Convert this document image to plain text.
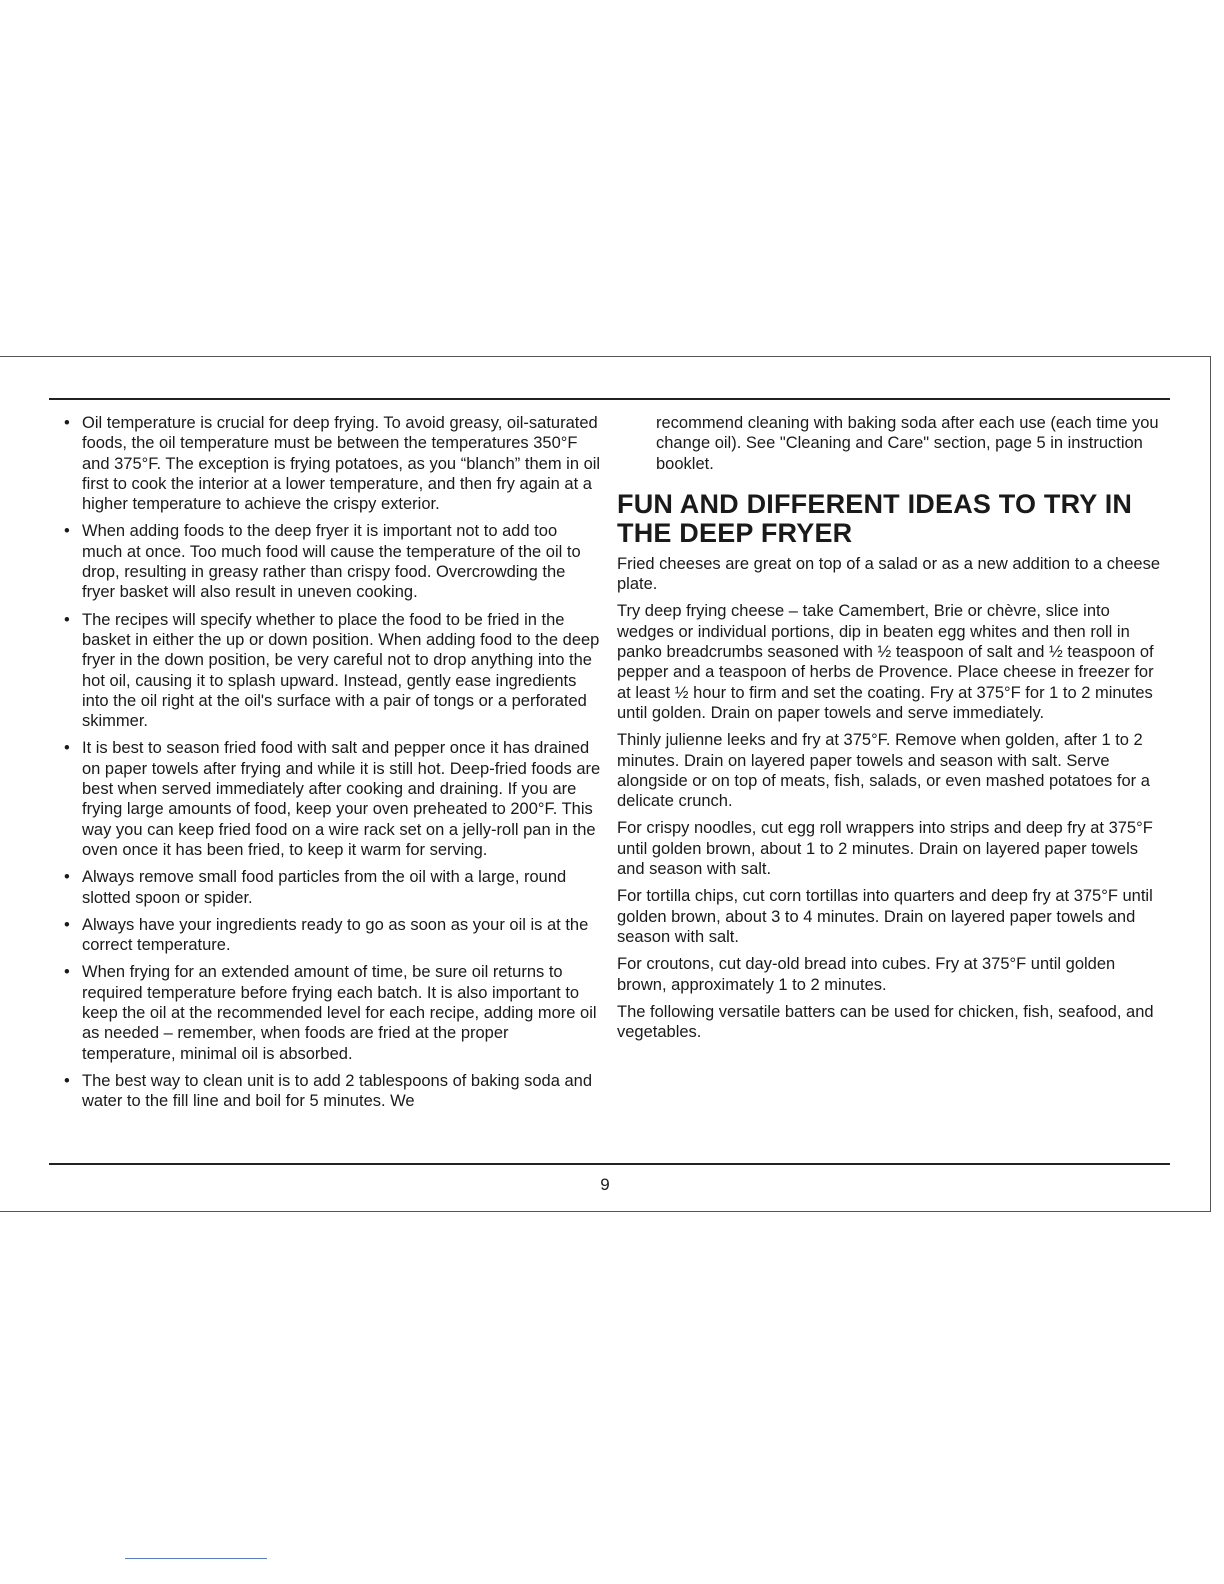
• Oil temperature is crucial for deep frying. To avoid greasy, oil-saturated foods, the oil temperature must be between the temperatures 350°F and 375°F. The exception is frying potatoes, as you “blanch” them in oil first to cook the interior at a lower temperature, and then fry again at a higher temperature to achieve the crispy exterior.
• When adding foods to the deep fryer it is important not to add too much at once. Too much food will cause the temperature of the oil to drop, resulting in greasy rather than crispy food. Overcrowding the fryer basket will also result in uneven cooking.
• The recipes will specify whether to place the food to be fried in the basket in either the up or down position. When adding food to the deep fryer in the down position, be very careful not to drop anything into the hot oil, causing it to splash upward. Instead, gently ease ingredients into the oil right at the oil's surface with a pair of tongs or a perforated skimmer.
• It is best to season fried food with salt and pepper once it has drained on paper towels after frying and while it is still hot. Deep-fried foods are best when served immediately after cooking and draining. If you are frying large amounts of food, keep your oven preheated to 200°F. This way you can keep fried food on a wire rack set on a jelly-roll pan in the oven once it has been fried, to keep it warm for serving.
• Always remove small food particles from the oil with a large, round slotted spoon or spider.
• Always have your ingredients ready to go as soon as your oil is at the correct temperature.
• When frying for an extended amount of time, be sure oil returns to required temperature before frying each batch. It is also important to keep the oil at the recommended level for each recipe, adding more oil as needed – remember, when foods are fried at the proper temperature, minimal oil is absorbed.
• The best way to clean unit is to add 2 tablespoons of baking soda and water to the fill line and boil for 5 minutes. We

recommend cleaning with baking soda after each use (each time you change oil). See "Cleaning and Care" section, page 5 in instruction booklet.

FUN AND DIFFERENT IDEAS TO TRY IN THE DEEP FRYER

Fried cheeses are great on top of a salad or as a new addition to a cheese plate.

Try deep frying cheese – take Camembert, Brie or chèvre, slice into wedges or individual portions, dip in beaten egg whites and then roll in panko breadcrumbs seasoned with ½ teaspoon of salt and ½ teaspoon of pepper and a teaspoon of herbs de Provence. Place cheese in freezer for at least ½ hour to firm and set the coating. Fry at 375°F for 1 to 2 minutes until golden. Drain on paper towels and serve immediately.

Thinly julienne leeks and fry at 375°F. Remove when golden, after 1 to 2 minutes. Drain on layered paper towels and season with salt. Serve alongside or on top of meats, fish, salads, or even mashed potatoes for a delicate crunch.

For crispy noodles, cut egg roll wrappers into strips and deep fry at 375°F until golden brown, about 1 to 2 minutes. Drain on layered paper towels and season with salt.

For tortilla chips, cut corn tortillas into quarters and deep fry at 375°F until golden brown, about 3 to 4 minutes. Drain on layered paper towels and season with salt.

For croutons, cut day-old bread into cubes. Fry at 375°F until golden brown, approximately 1 to 2 minutes.

The following versatile batters can be used for chicken, fish, seafood, and vegetables.

9
